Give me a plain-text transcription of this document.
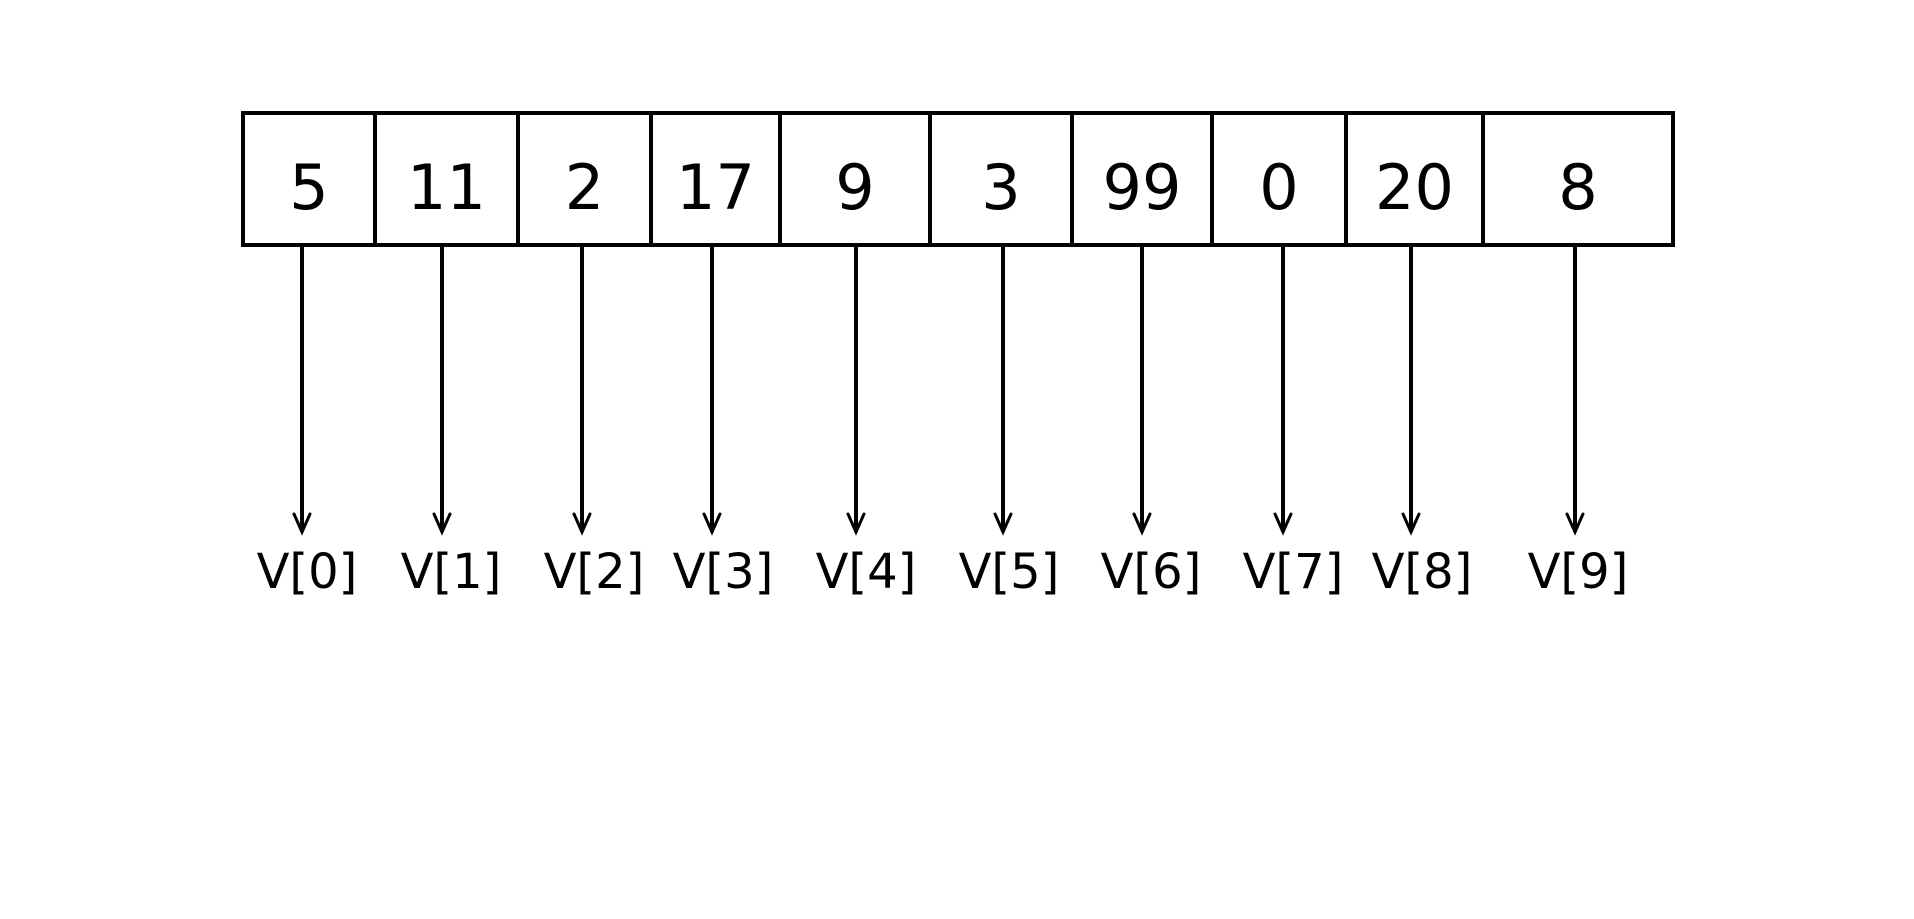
5 11 2 17 9 3 99 0 20 8
V[0] V[1] V[2] V[3] V[4] V[5] V[6] V[7] V[8] V[9]
